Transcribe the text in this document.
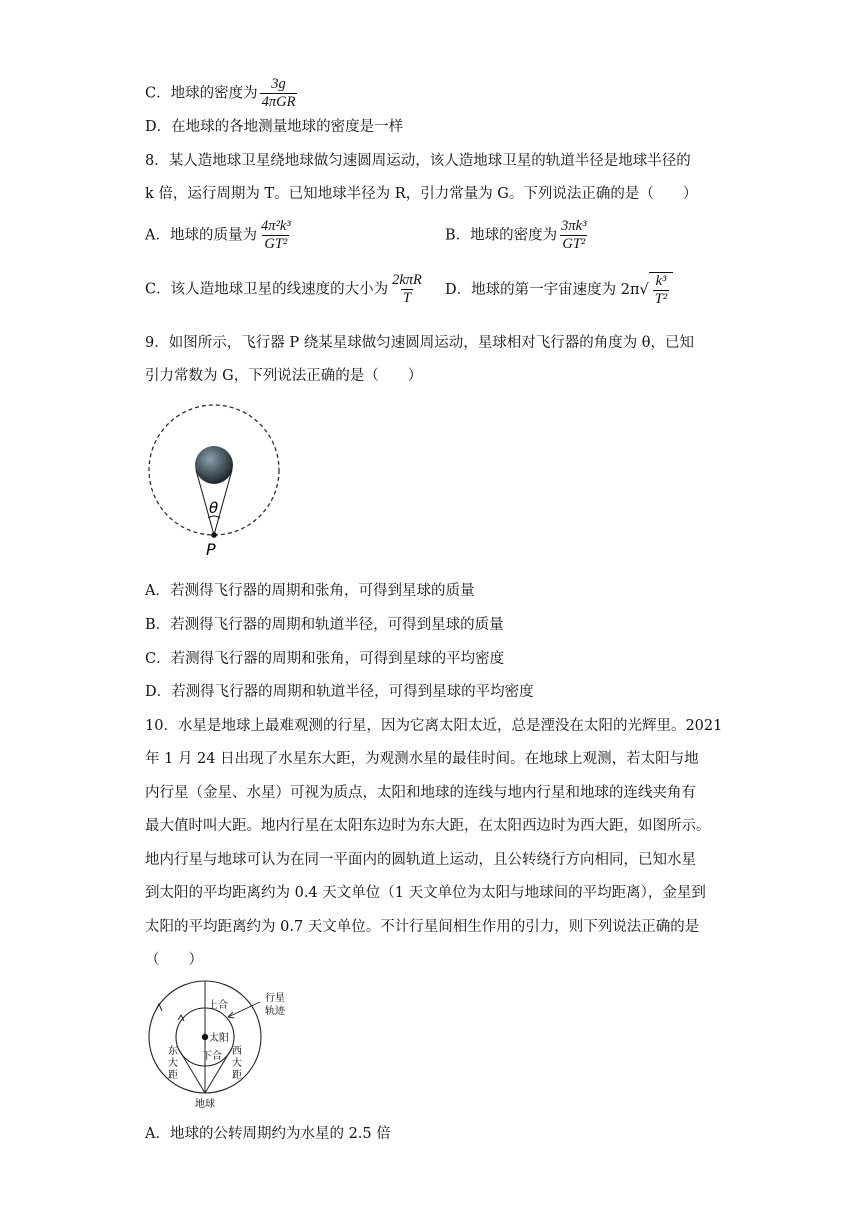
C．地球的密度为 $\frac{3g}{\text{4πGR}}$
D．在地球的各地测量地球的密度是一样
8．某人造地球卫星绕地球做匀速圆周运动，该人造地球卫星的轨道半径是地球半径的
k 倍，运行周期为 T。已知地球半径为 R，引力常量为 G。下列说法正确的是（　　）
A．地球的质量为 $\frac{\text{4π²k³}}{\text{GT²}}$	B．地球的密度为 $\frac{\text{3πk³}}{\text{GT²}}$
C．该人造地球卫星的线速度的大小为 $\frac{\text{2kπR}}{T}$ D．地球的第一宇宙速度为 2π √ $\frac{\text{k³}}{\text{T²}}$
9．如图所示，飞行器 P 绕某星球做匀速圆周运动，星球相对飞行器的角度为 θ，已知
引力常数为 G，下列说法正确的是（　　）
θ
P
A．若测得飞行器的周期和张角，可得到星球的质量
B．若测得飞行器的周期和轨道半径，可得到星球的质量
C．若测得飞行器的周期和张角，可得到星球的平均密度
D．若测得飞行器的周期和轨道半径，可得到星球的平均密度
10．水星是地球上最难观测的行星，因为它离太阳太近，总是湮没在太阳的光辉里。2021
年 1 月 24 日出现了水星东大距，为观测水星的最佳时间。在地球上观测，若太阳与地
内行星（金星、水星）可视为质点，太阳和地球的连线与地内行星和地球的连线夹角有
最大值时叫大距。地内行星在太阳东边时为东大距，在太阳西边时为西大距，如图所示。
地内行星与地球可认为在同一平面内的圆轨道上运动，且公转绕行方向相同，已知水星
到太阳的平均距离约为 0.4 天文单位（1 天文单位为太阳与地球间的平均距离），金星到
太阳的平均距离约为 0.7 天文单位。不计行星间相生作用的引力，则下列说法正确的是
（　　）
上合
行星
轨迹
太阳
下合
东
大
距
西
大
距
地球
A．地球的公转周期约为水星的 2.5 倍
